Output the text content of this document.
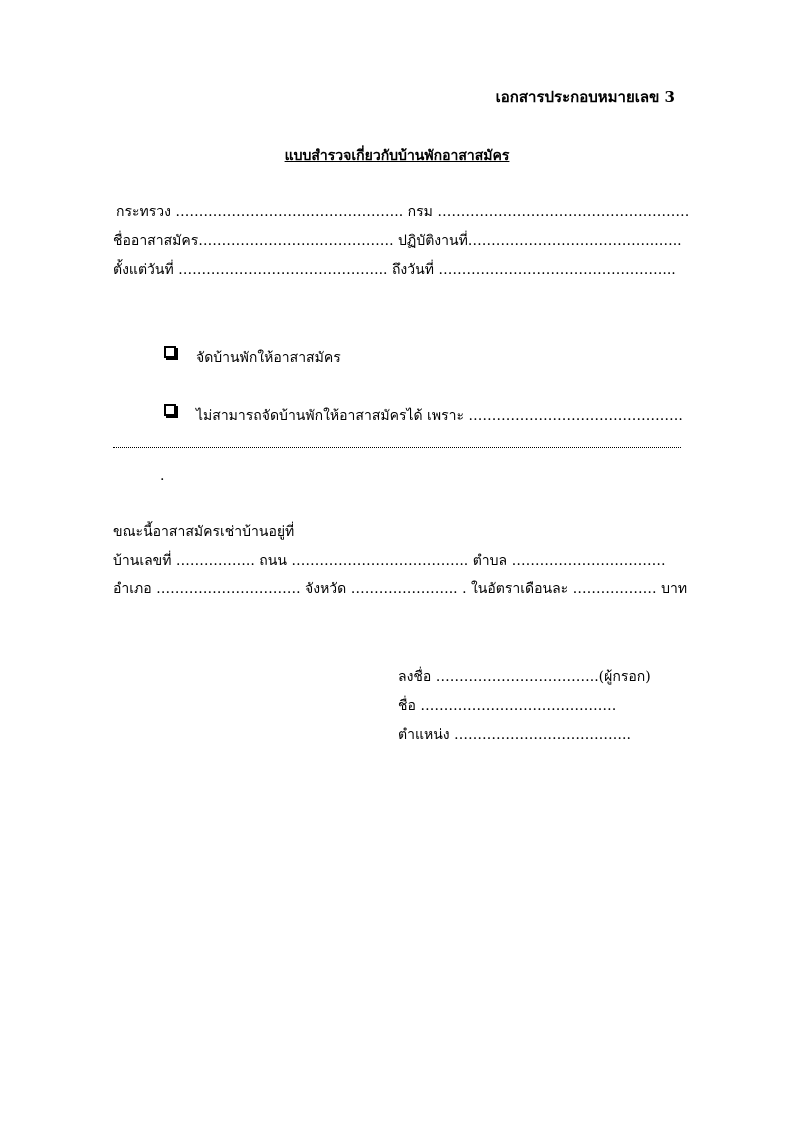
เอกสารประกอบหมายเลข 3
แบบสำรวจเกี่ยวกับบ้านพักอาสาสมัคร
กระทรวง ………………………..……………….. กรม ………………………………………………
ชื่ออาสาสมัคร……………………..……………. ปฏิบัติงานที่…………………………………..…..
ตั้งแต่วันที่ ……………………………………... ถึงวันที่ …………………………………………...
จัดบ้านพักให้อาสาสมัคร
ไม่สามารถจัดบ้านพักให้อาสาสมัครได้ เพราะ ……………………………………….
.
ขณะนี้อาสาสมัครเช่าบ้านอยู่ที่
บ้านเลขที่ …………….. ถนน ……………………………….. ตำบล ……………………………
อำเภอ …………………………. จังหวัด ………………….. . ในอัตราเดือนละ ……………… บาท
ลงชื่อ ……………………………..(ผู้กรอก)
ชื่อ ……………………………………
ตำแหน่ง ………………………………..
